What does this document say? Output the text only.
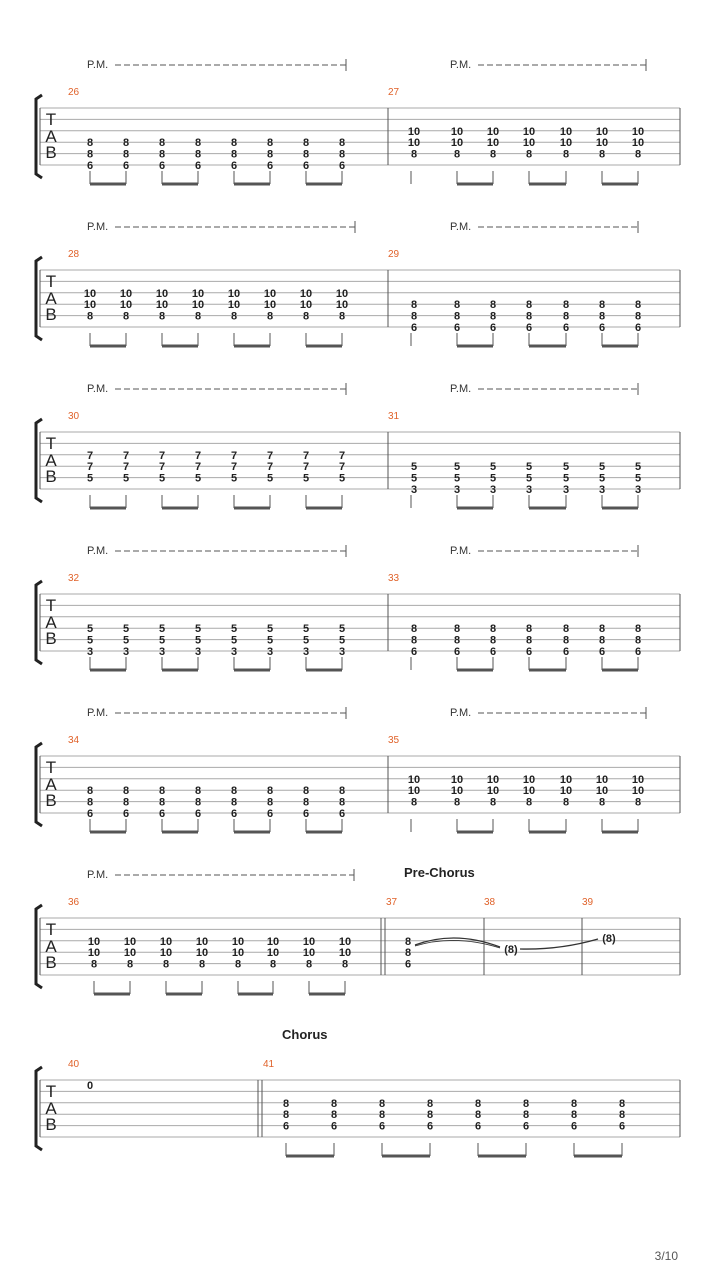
T
A
B
P.M.	P.M.
26	27
8
8
6
8
8
6
8
8
6
8
8
6
8
8
6
8
8
6
8
8
6
8
8
6
10
10
8
10
10
8
10
10
8
10
10
8
10
10
8
10
10
8
10
10
8
T
A
B
P.M.	P.M.
28	29
10
10
8
10
10
8
10
10
8
10
10
8
10
10
8
10
10
8
10
10
8
10
10
8
8
8
6
8
8
6
8
8
6
8
8
6
8
8
6
8
8
6
8
8
6
T
A
B
P.M.	P.M.
30	31
7
7
5
7
7
5
7
7
5
7
7
5
7
7
5
7
7
5
7
7
5
7
7
5
5
5
3
5
5
3
5
5
3
5
5
3
5
5
3
5
5
3
5
5
3
T
A
B
P.M.	P.M.
32	33
5
5
3
5
5
3
5
5
3
5
5
3
5
5
3
5
5
3
5
5
3
5
5
3
8
8
6
8
8
6
8
8
6
8
8
6
8
8
6
8
8
6
8
8
6
T
A
B
P.M.	P.M.
34	35
8
8
6
8
8
6
8
8
6
8
8
6
8
8
6
8
8
6
8
8
6
8
8
6
10
10
8
10
10
8
10
10
8
10
10
8
10
10
8
10
10
8
10
10
8
T
A
B
P.M.	Pre-Chorus
36	37	38	39
10
10
8
10
10
8
10
10
8
10
10
8
10
10
8
10
10
8
10
10
8
10
10
8
8
8
6
(8)
(8)
T
A
B
Chorus
40	41
0
8
8
6
8
8
6
8
8
6
8
8
6
8
8
6
8
8
6
8
8
6
8
8
6
3/10
